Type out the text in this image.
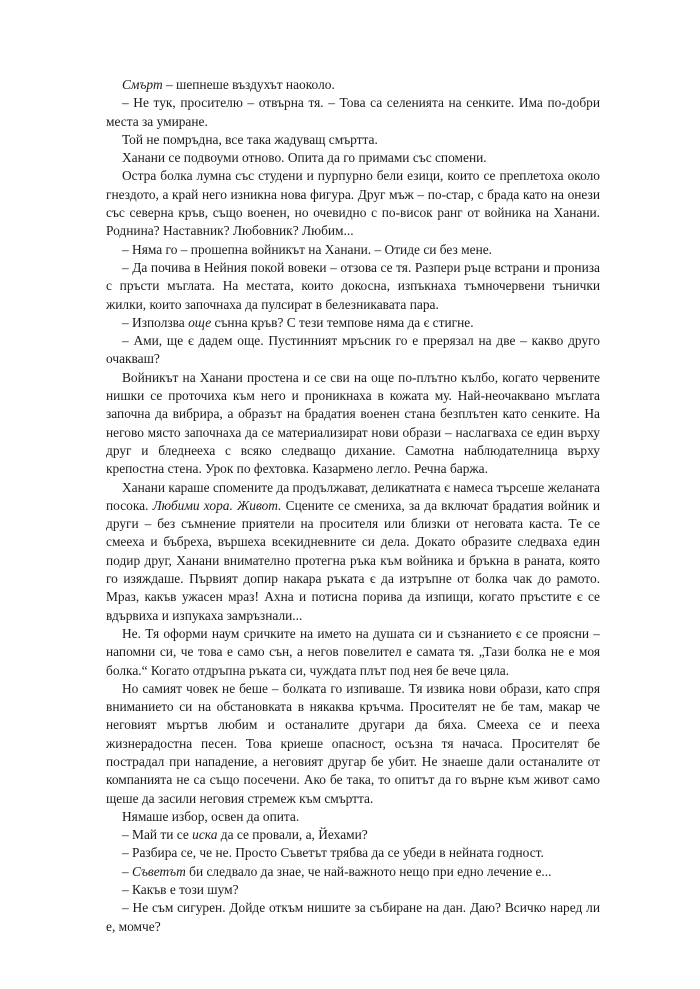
Смърт – шепнеше въздухът наоколо.

– Не тук, просителю – отвърна тя. – Това са селенията на сенките. Има по-добри места за умиране.

Той не помръдна, все така жадуващ смъртта.

Ханани се подвоуми отново. Опита да го примами със спомени.

Остра болка лумна със студени и пурпурно бели езици, които се преплетоха около гнездото, а край него изникна нова фигура. Друг мъж – по-стар, с брада като на онези със северна кръв, също военен, но очевидно с по-висок ранг от войника на Ханани. Роднина? Наставник? Любовник? Любим...

– Няма го – прошепна войникът на Ханани. – Отиде си без мене.

– Да почива в Нейния покой вовеки – отзова се тя. Разпери ръце встрани и прониза с пръсти мъглата. На местата, които докосна, изпъкнаха тъмночервени тънички жилки, които започнаха да пулсират в белезникавата пара.

– Използва още сънна кръв? С тези темпове няма да є стигне.

– Ами, ще є дадем още. Пустинният мръсник го е прерязал на две – какво друго очакваш?

Войникът на Ханани простена и се сви на още по-плътно кълбо, когато червените нишки се проточиха към него и проникнаха в кожата му. Най-неочаквано мъглата започна да вибрира, а образът на брадатия военен стана безплътен като сенките. На негово място започнаха да се материализират нови образи – наслагваха се един върху друг и бледнееха с всяко следващо дихание. Самотна наблюдателница върху крепостна стена. Урок по фехтовка. Казармено легло. Речна баржа.

Ханани караше спомените да продължават, деликатната є намеса търсеше желаната посока. Любими хора. Живот. Сцените се смениха, за да включат брадатия войник и други – без съмнение приятели на просителя или близки от неговата каста. Те се смееха и бъбреха, вършеха всекидневните си дела. Докато образите следваха един подир друг, Ханани внимателно протегна ръка към войника и бръкна в раната, която го изяждаше. Първият допир накара ръката є да изтръпне от болка чак до рамото. Мраз, какъв ужасен мраз! Ахна и потисна порива да изпищи, когато пръстите є се вдървиха и изпукаха замръзнали...

Не. Тя оформи наум сричките на името на душата си и съзнанието є се проясни – напомни си, че това е само сън, а негов повелител е самата тя. „Тази болка не е моя болка.“ Когато отдръпна ръката си, чуждата плът под нея бе вече цяла.

Но самият човек не беше – болката го изпиваше. Тя извика нови образи, като спря вниманието си на обстановката в някаква кръчма. Просителят не бе там, макар че неговият мъртъв любим и останалите другари да бяха. Смееха се и пееха жизнерадостна песен. Това криеше опасност, осъзна тя начаса. Просителят бе пострадал при нападение, а неговият другар бе убит. Не знаеше дали останалите от компанията не са също посечени. Ако бе така, то опитът да го върне към живот само щеше да засили неговия стремеж към смъртта.

Нямаше избор, освен да опита.

– Май ти се иска да се провали, а, Йехами?

– Разбира се, че не. Просто Съветът трябва да се убеди в нейната годност.

– Съветът би следвало да знае, че най-важното нещо при едно лечение е...

– Какъв е този шум?

– Не съм сигурен. Дойде откъм нишите за събиране на дан. Даю? Всичко наред ли е, момче?
